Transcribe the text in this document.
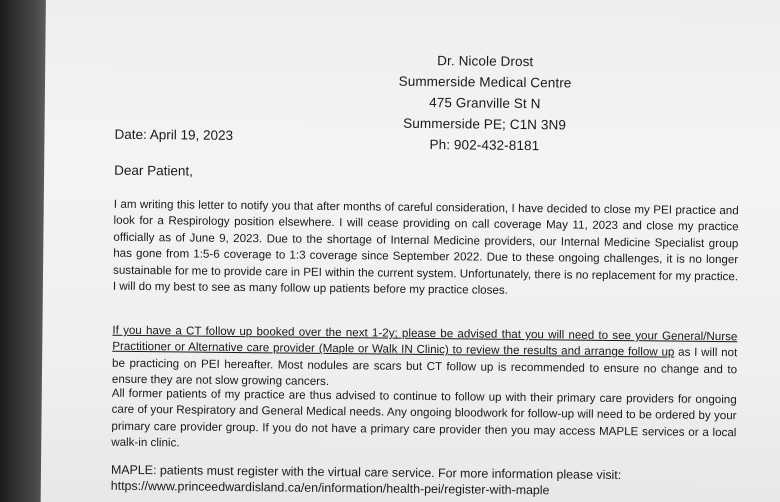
Dr. Nicole Drost
Summerside Medical Centre
475 Granville St N
Summerside PE; C1N 3N9
Ph: 902-432-8181
Date: April 19, 2023
Dear Patient,
I am writing this letter to notify you that after months of careful consideration, I have decided to close my PEI practice and look for a Respirology position elsewhere. I will cease providing on call coverage May 11, 2023 and close my practice officially as of June 9, 2023. Due to the shortage of Internal Medicine providers, our Internal Medicine Specialist group has gone from 1:5-6 coverage to 1:3 coverage since September 2022. Due to these ongoing challenges, it is no longer sustainable for me to provide care in PEI within the current system. Unfortunately, there is no replacement for my practice. I will do my best to see as many follow up patients before my practice closes.
If you have a CT follow up booked over the next 1-2y; please be advised that you will need to see your General/Nurse Practitioner or Alternative care provider (Maple or Walk IN Clinic) to review the results and arrange follow up as I will not be practicing on PEI hereafter. Most nodules are scars but CT follow up is recommended to ensure no change and to ensure they are not slow growing cancers.
All former patients of my practice are thus advised to continue to follow up with their primary care providers for ongoing care of your Respiratory and General Medical needs. Any ongoing bloodwork for follow-up will need to be ordered by your primary care provider group. If you do not have a primary care provider then you may access MAPLE services or a local walk-in clinic.
MAPLE: patients must register with the virtual care service. For more information please visit:
https://www.princeedwardisland.ca/en/information/health-pei/register-with-maple
